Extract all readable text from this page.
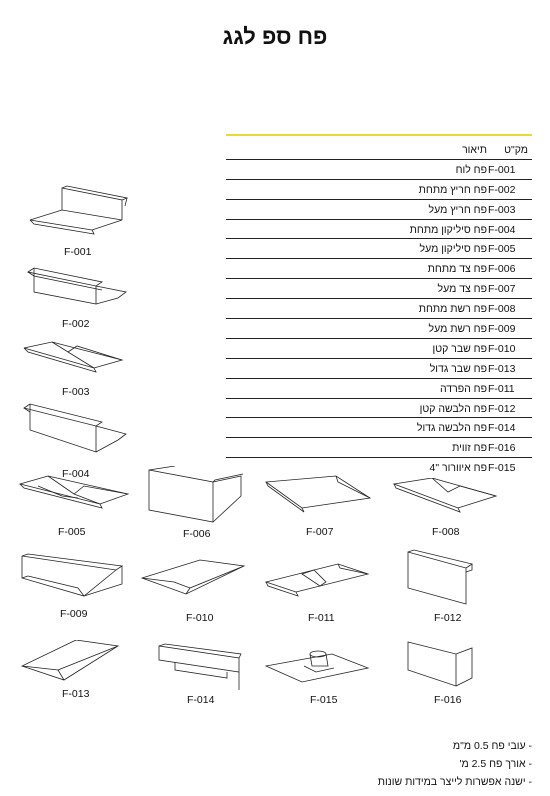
פח ספ לגג
מק"ט
תיאור
F-001
פח לוח
F-002
פח חריץ מתחת
F-003
פח חריץ מעל
F-004
פח סיליקון מתחת
F-005
פח סיליקון מעל
F-006
פח צד מתחת
F-007
פח צד מעל
F-008
פח רשת מתחת
F-009
פח רשת מעל
F-010
פח שבר קטן
F-013
פח שבר גדול
F-011
פח הפרדה
F-012
פח הלבשה קטן
F-014
פח הלבשה גדול
F-016
פח זווית
F-015
פח איוורור "4
F-001
F-002
F-003
F-004
F-005	F-006	F-007	F-008
F-009	F-010	F-011	F-012
F-013	F-014	F-015	F-016
- עובי פח 0.5 מ"מ
- אורך פח 2.5 מ'
- ישנה אפשרות לייצר במידות שונות
